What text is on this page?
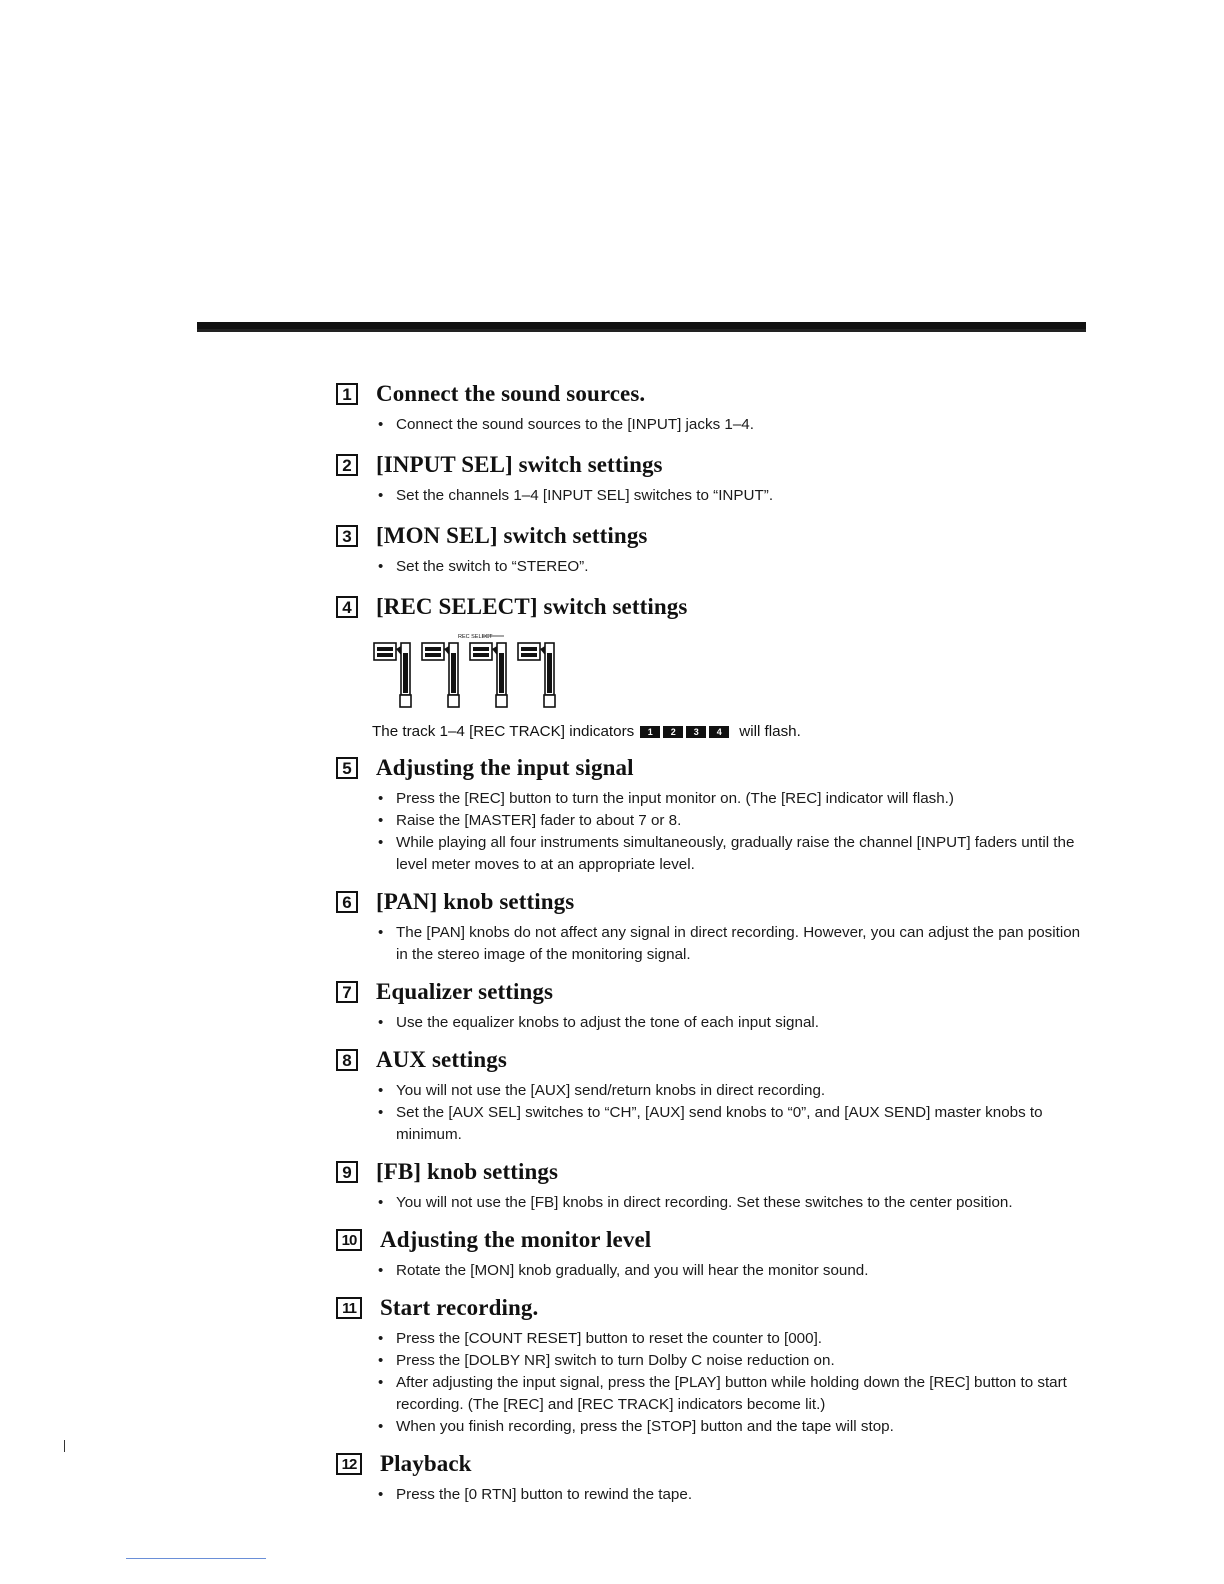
1 Connect the sound sources.
• Connect the sound sources to the [INPUT] jacks 1–4.
2 [INPUT SEL] switch settings
• Set the channels 1–4 [INPUT SEL] switches to “INPUT”.
3 [MON SEL] switch settings
• Set the switch to “STEREO”.
4 [REC SELECT] switch settings
REC SELECT
The track 1–4 [REC TRACK] indicators	1	2	3	4	will flash.
5 Adjusting the input signal
• Press the [REC] button to turn the input monitor on. (The [REC] indicator will flash.)
• Raise the [MASTER] fader to about 7 or 8.
• While playing all four instruments simultaneously, gradually raise the channel [INPUT] faders until the level meter moves to at an appropriate level.
6 [PAN] knob settings
• The [PAN] knobs do not affect any signal in direct recording. However, you can adjust the pan position in the stereo image of the monitoring signal.
7 Equalizer settings
• Use the equalizer knobs to adjust the tone of each input signal.
8 AUX settings
• You will not use the [AUX] send/return knobs in direct recording.
• Set the [AUX SEL] switches to “CH”, [AUX] send knobs to “0”, and [AUX SEND] master knobs to minimum.
9 [FB] knob settings
• You will not use the [FB] knobs in direct recording. Set these switches to the center position.
10 Adjusting the monitor level
• Rotate the [MON] knob gradually, and you will hear the monitor sound.
11 Start recording.
• Press the [COUNT RESET] button to reset the counter to [000].
• Press the [DOLBY NR] switch to turn Dolby C noise reduction on.
• After adjusting the input signal, press the [PLAY] button while holding down the [REC] button to start recording. (The [REC] and [REC TRACK] indicators become lit.)
• When you finish recording, press the [STOP] button and the tape will stop.
12 Playback
• Press the [0 RTN] button to rewind the tape.
